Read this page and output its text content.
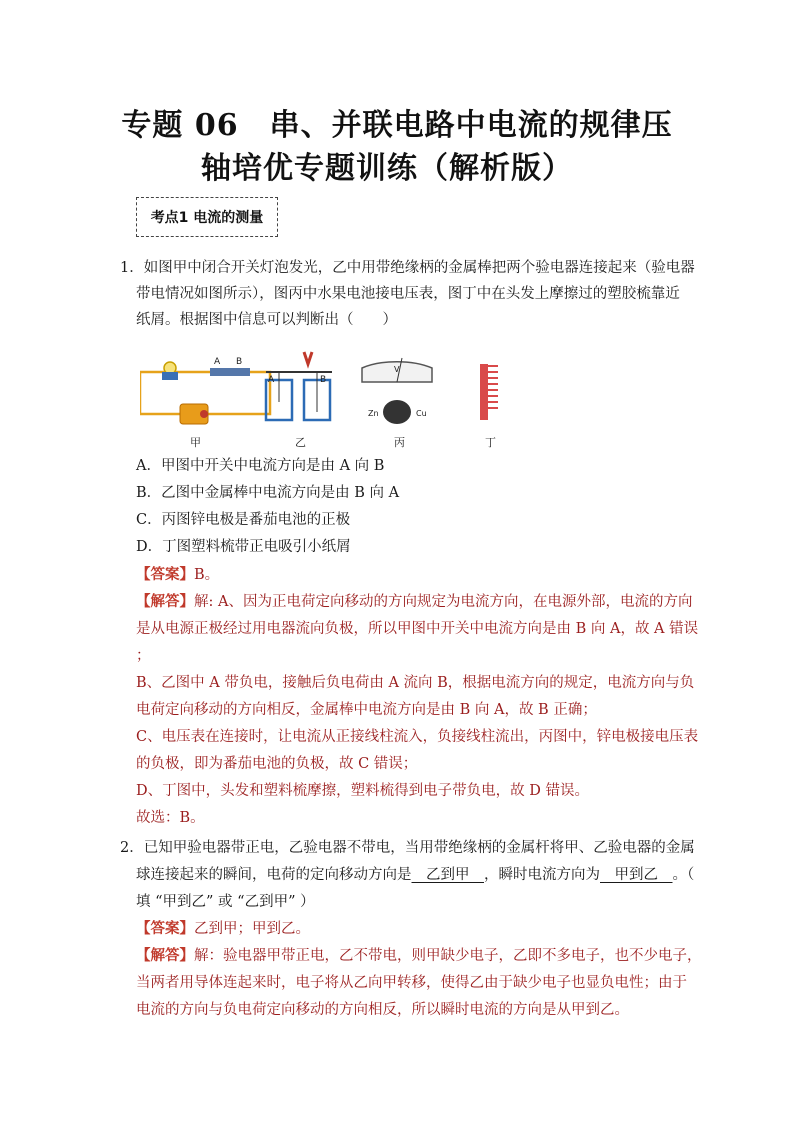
专题 06　串、并联电路中电流的规律压
轴培优专题训练（解析版）
考点1 电流的测量
1．如图甲中闭合开关灯泡发光，乙中用带绝缘柄的金属棒把两个验电器连接起来（验电器
带电情况如图所示），图丙中水果电池接电压表，图丁中在头发上摩擦过的塑胶梳靠近
纸屑。根据图中信息可以判断出（　　）
A B
A	B
V
Zn	Cu
甲	乙	丙	丁
A．甲图中开关中电流方向是由 A 向 B
B．乙图中金属棒中电流方向是由 B 向 A
C．丙图锌电极是番茄电池的正极
D．丁图塑料梳带正电吸引小纸屑
【答案】B。
【解答】解: A、因为正电荷定向移动的方向规定为电流方向，在电源外部，电流的方向
是从电源正极经过用电器流向负极，所以甲图中开关中电流方向是由 B 向 A，故 A 错误
；
B、乙图中 A 带负电，接触后负电荷由 A 流向 B，根据电流方向的规定，电流方向与负
电荷定向移动的方向相反，金属棒中电流方向是由 B 向 A，故 B 正确；
C、电压表在连接时，让电流从正接线柱流入，负接线柱流出，丙图中，锌电极接电压表
的负极，即为番茄电池的负极，故 C 错误；
D、丁图中，头发和塑料梳摩擦，塑料梳得到电子带负电，故 D 错误。
故选：B。
2．已知甲验电器带正电，乙验电器不带电，当用带绝缘柄的金属杆将甲、乙验电器的金属
球连接起来的瞬间，电荷的定向移动方向是　乙到甲　，瞬时电流方向为　甲到乙　。（
填 “甲到乙” 或 “乙到甲” ）
【答案】乙到甲；甲到乙。
【解答】解：验电器甲带正电，乙不带电，则甲缺少电子，乙即不多电子，也不少电子，
当两者用导体连起来时，电子将从乙向甲转移，使得乙由于缺少电子也显负电性；由于
电流的方向与负电荷定向移动的方向相反，所以瞬时电流的方向是从甲到乙。
